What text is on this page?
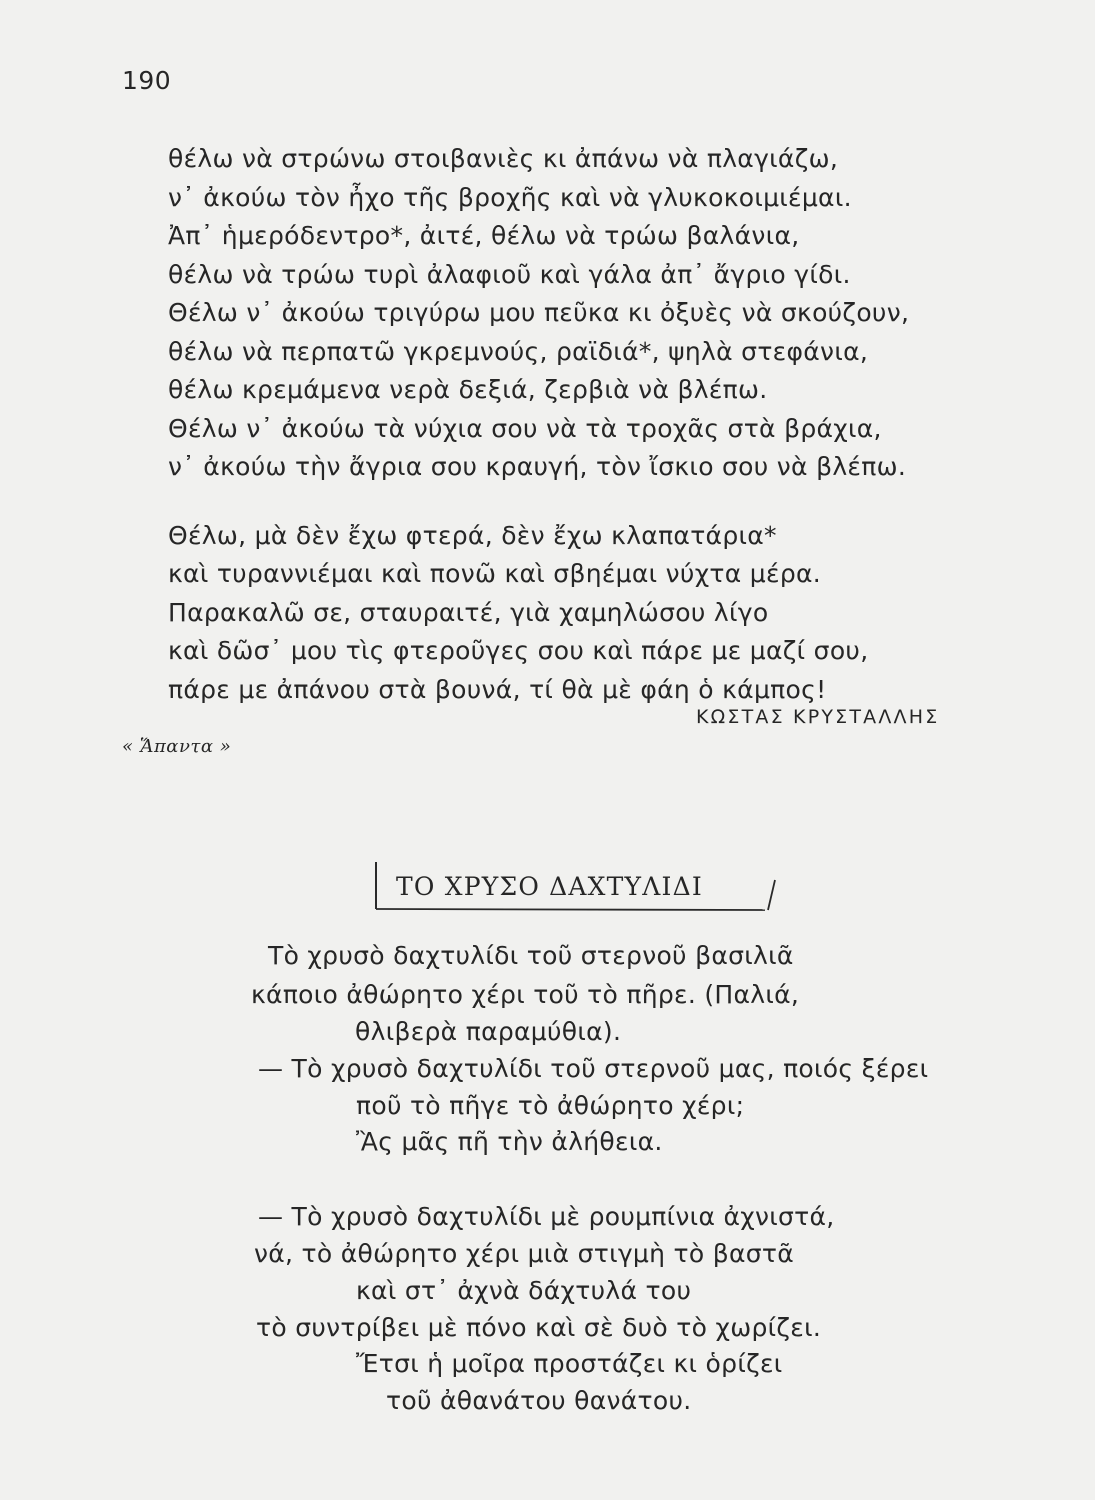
190
θέλω νὰ στρώνω στοιβανιὲς κι ἀπάνω νὰ πλαγιάζω,
ν᾽ ἀκούω τὸν ἦχο τῆς βροχῆς καὶ νὰ γλυκοκοιμιέμαι.
Ἀπ᾽ ἡμερόδεντρο*, ἀιτέ, θέλω νὰ τρώω βαλάνια,
θέλω νὰ τρώω τυρὶ ἀλαφιοῦ καὶ γάλα ἀπ᾽ ἄγριο γίδι.
Θέλω ν᾽ ἀκούω τριγύρω μου πεῦκα κι ὀξυὲς νὰ σκούζουν,
θέλω νὰ περπατῶ γκρεμνούς, ραϊδιά*, ψηλὰ στεφάνια,
θέλω κρεμάμενα νερὰ δεξιά, ζερβιὰ νὰ βλέπω.
Θέλω ν᾽ ἀκούω τὰ νύχια σου νὰ τὰ τροχᾶς στὰ βράχια,
ν᾽ ἀκούω τὴν ἄγρια σου κραυγή, τὸν ἴσκιο σου νὰ βλέπω.
Θέλω, μὰ δὲν ἔχω φτερά, δὲν ἔχω κλαπατάρια*
καὶ τυραννιέμαι καὶ πονῶ καὶ σβηέμαι νύχτα μέρα.
Παρακαλῶ σε, σταυραιτέ, γιὰ χαμηλώσου λίγο
καὶ δῶσ᾽ μου τὶς φτεροῦγες σου καὶ πάρε με μαζί σου,
πάρε με ἀπάνου στὰ βουνά, τί θὰ μὲ φάη ὁ κάμπος!
ΚΩΣΤΑΣ ΚΡΥΣΤΑΛΛΗΣ
« Ἅπαντα »
ΤΟ ΧΡΥΣΟ ΔΑΧΤΥΛΙΔΙ
Τὸ χρυσὸ δαχτυλίδι τοῦ στερνοῦ βασιλιᾶ
κάποιο ἀθώρητο χέρι τοῦ τὸ πῆρε. (Παλιά,
θλιβερὰ παραμύθια).
— Τὸ χρυσὸ δαχτυλίδι τοῦ στερνοῦ μας, ποιός ξέρει
ποῦ τὸ πῆγε τὸ ἀθώρητο χέρι;
Ἂς μᾶς πῆ τὴν ἀλήθεια.
— Τὸ χρυσὸ δαχτυλίδι μὲ ρουμπίνια ἀχνιστά,
νά, τὸ ἀθώρητο χέρι μιὰ στιγμὴ τὸ βαστᾶ
καὶ στ᾽ ἀχνὰ δάχτυλά του
τὸ συντρίβει μὲ πόνο καὶ σὲ δυὸ τὸ χωρίζει.
Ἔτσι ἡ μοῖρα προστάζει κι ὁρίζει
τοῦ ἀθανάτου θανάτου.
